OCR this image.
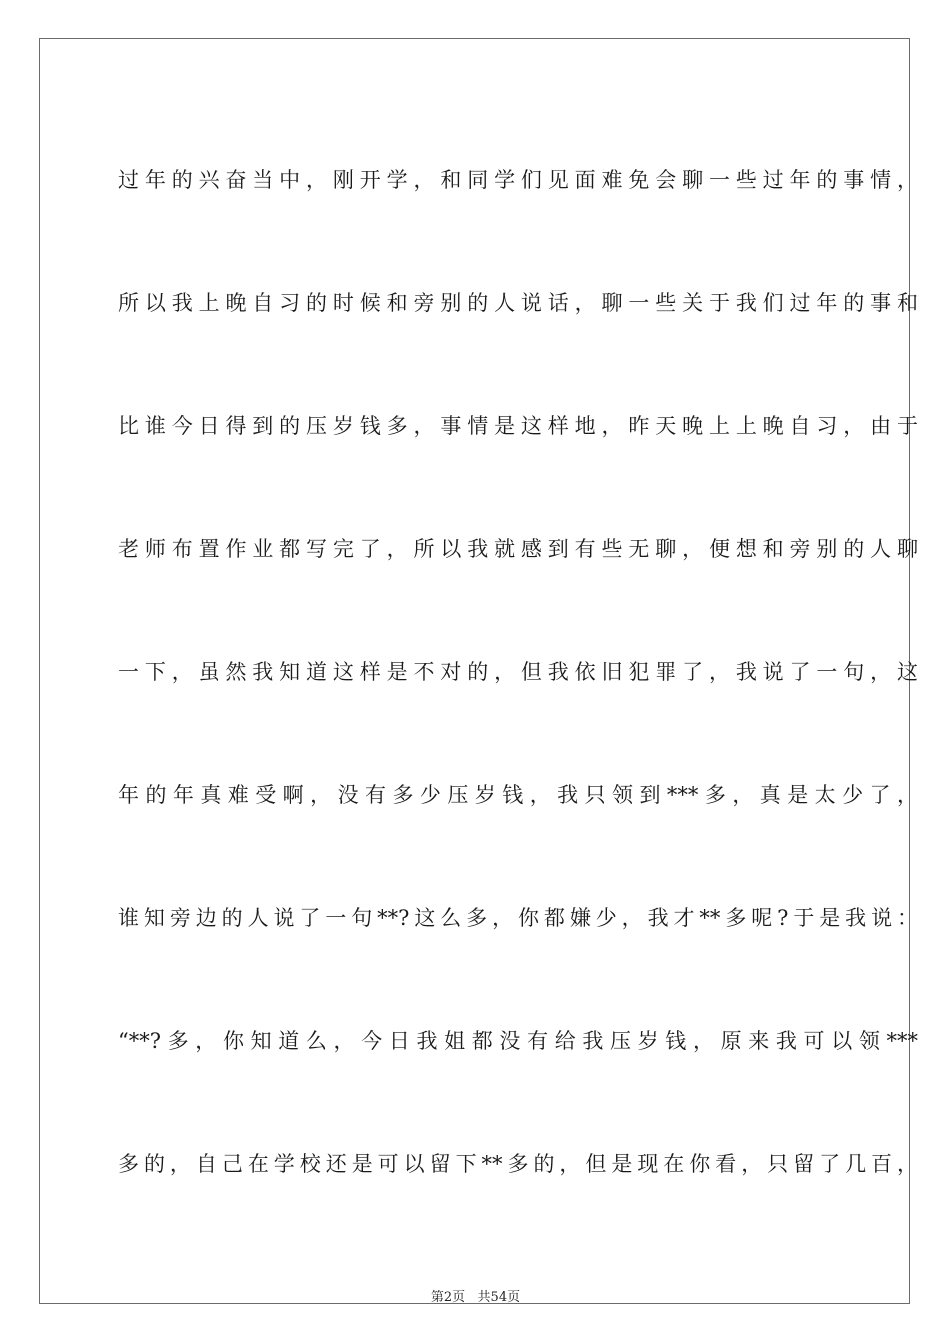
过年的兴奋当中，刚开学，和同学们见面难免会聊一些过年的事情，

所以我上晚自习的时候和旁别的人说话，聊一些关于我们过年的事和

比谁今日得到的压岁钱多，事情是这样地，昨天晚上上晚自习，由于

老师布置作业都写完了，所以我就感到有些无聊，便想和旁别的人聊

一下，虽然我知道这样是不对的，但我依旧犯罪了，我说了一句，这

年的年真难受啊，没有多少压岁钱，我只领到***多，真是太少了，

谁知旁边的人说了一句**?这么多，你都嫌少，我才**多呢?于是我说：

“**?多，你知道么，今日我姐都没有给我压岁钱，原来我可以领***

多的，自己在学校还是可以留下**多的，但是现在你看，只留了几百，

第2页   共54页
